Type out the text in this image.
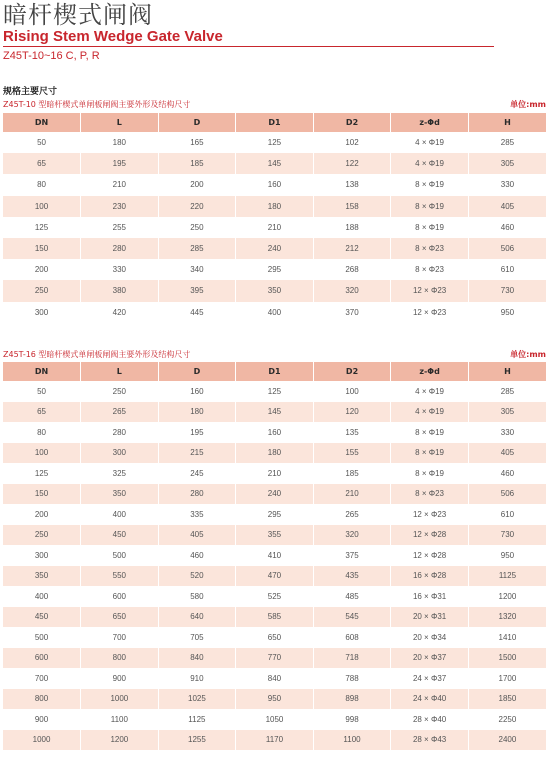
暗杆楔式闸阀
Rising Stem Wedge Gate Valve
Z45T-10~16 C, P, R
规格主要尺寸
Z45T-10 型暗杆楔式单闸板闸阀主要外形及结构尺寸	单位:mm
DN	L	D	D1	D2	z-Φd	H
50	180	165	125	102	4 × Φ19	285
65	195	185	145	122	4 × Φ19	305
80	210	200	160	138	8 × Φ19	330
100	230	220	180	158	8 × Φ19	405
125	255	250	210	188	8 × Φ19	460
150	280	285	240	212	8 × Φ23	506
200	330	340	295	268	8 × Φ23	610
250	380	395	350	320	12 × Φ23	730
300	420	445	400	370	12 × Φ23	950
Z45T-16 型暗杆楔式单闸板闸阀主要外形及结构尺寸	单位:mm
DN	L	D	D1	D2	z-Φd	H
50	250	160	125	100	4 × Φ19	285
65	265	180	145	120	4 × Φ19	305
80	280	195	160	135	8 × Φ19	330
100	300	215	180	155	8 × Φ19	405
125	325	245	210	185	8 × Φ19	460
150	350	280	240	210	8 × Φ23	506
200	400	335	295	265	12 × Φ23	610
250	450	405	355	320	12 × Φ28	730
300	500	460	410	375	12 × Φ28	950
350	550	520	470	435	16 × Φ28	1125
400	600	580	525	485	16 × Φ31	1200
450	650	640	585	545	20 × Φ31	1320
500	700	705	650	608	20 × Φ34	1410
600	800	840	770	718	20 × Φ37	1500
700	900	910	840	788	24 × Φ37	1700
800	1000	1025	950	898	24 × Φ40	1850
900	1100	1125	1050	998	28 × Φ40	2250
1000	1200	1255	1170	1100	28 × Φ43	2400
